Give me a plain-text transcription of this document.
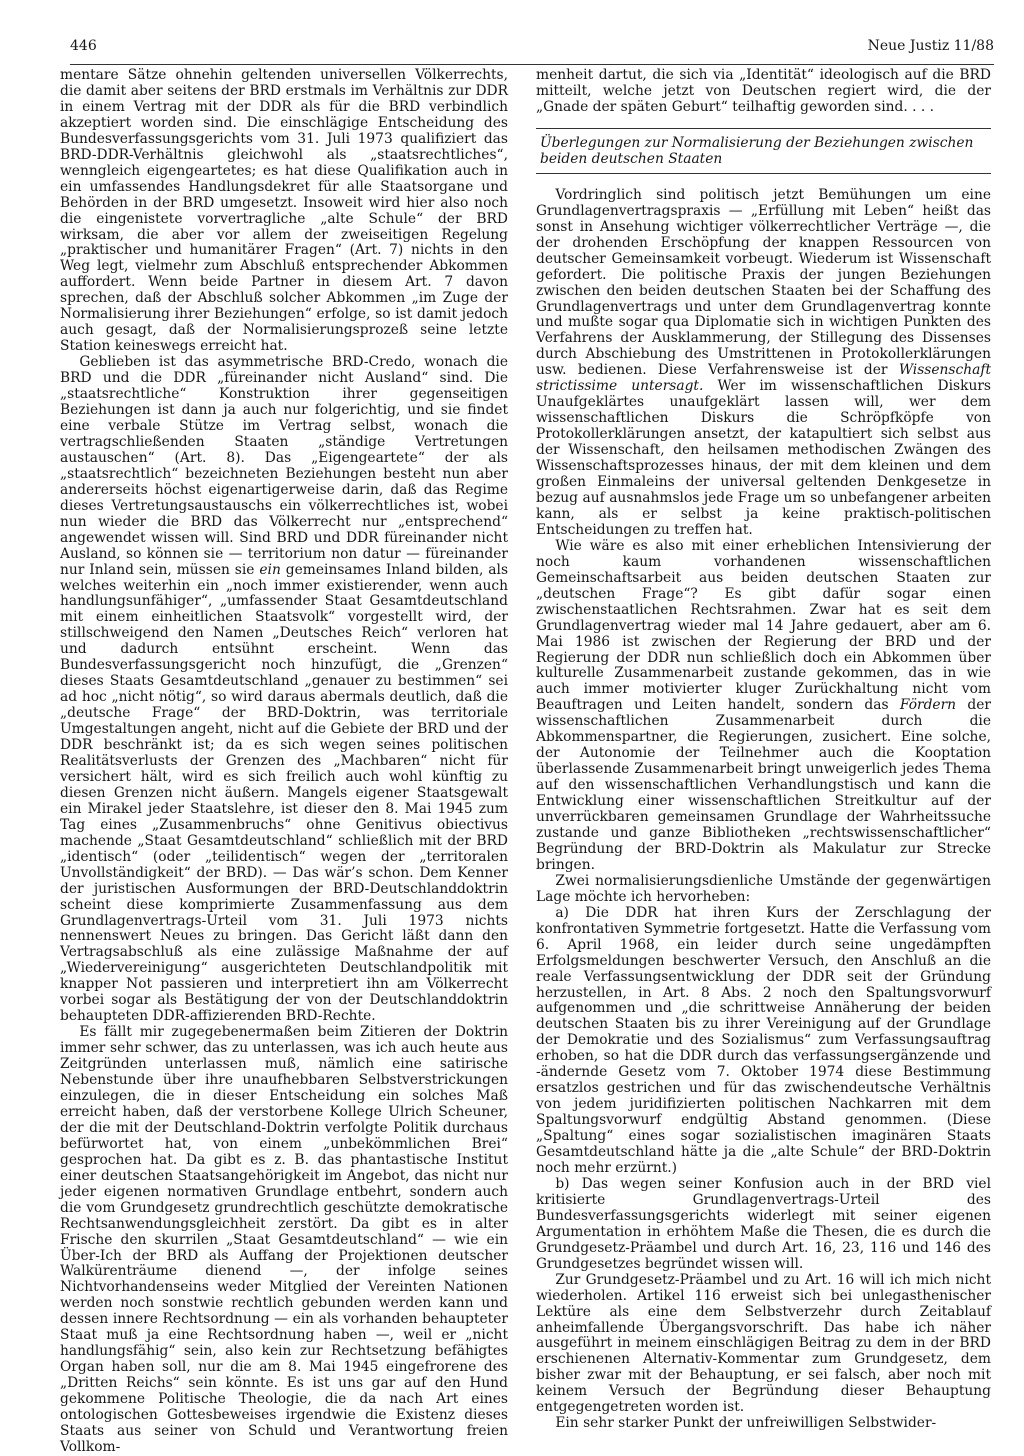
446	Neue Justiz 11/88

mentare Sätze ohnehin geltenden universellen Völkerrechts, die damit aber seitens der BRD erstmals im Verhältnis zur DDR in einem Vertrag mit der DDR als für die BRD verbindlich akzeptiert worden sind. Die einschlägige Entscheidung des Bundesverfassungsgerichts vom 31. Juli 1973 qualifiziert das BRD-DDR-Verhältnis gleichwohl als „staatsrechtliches“, wenngleich eigengeartetes; es hat diese Qualifikation auch in ein umfassendes Handlungsdekret für alle Staatsorgane und Behörden in der BRD umgesetzt. Insoweit wird hier also noch die eingenistete vorvertragliche „alte Schule“ der BRD wirksam, die aber vor allem der zweiseitigen Regelung „praktischer und humanitärer Fragen“ (Art. 7) nichts in den Weg legt, vielmehr zum Abschluß entsprechender Abkommen auffordert. Wenn beide Partner in diesem Art. 7 davon sprechen, daß der Abschluß solcher Abkommen „im Zuge der Normalisierung ihrer Beziehungen“ erfolge, so ist damit jedoch auch gesagt, daß der Normalisierungsprozeß seine letzte Station keineswegs erreicht hat.

Geblieben ist das asymmetrische BRD-Credo, wonach die BRD und die DDR „füreinander nicht Ausland“ sind. Die „staatsrechtliche“ Konstruktion ihrer gegenseitigen Beziehungen ist dann ja auch nur folgerichtig, und sie findet eine verbale Stütze im Vertrag selbst, wonach die vertragschließenden Staaten „ständige Vertretungen austauschen“ (Art. 8). Das „Eigengeartete“ der als „staatsrechtlich“ bezeichneten Beziehungen besteht nun aber andererseits höchst eigenartigerweise darin, daß das Regime dieses Vertretungsaustauschs ein völkerrechtliches ist, wobei nun wieder die BRD das Völkerrecht nur „entsprechend“ angewendet wissen will. Sind BRD und DDR füreinander nicht Ausland, so können sie — territorium non datur — füreinander nur Inland sein, müssen sie ein gemeinsames Inland bilden, als welches weiterhin ein „noch immer existierender, wenn auch handlungsunfähiger“, „umfassender Staat Gesamtdeutschland mit einem einheitlichen Staatsvolk“ vorgestellt wird, der stillschweigend den Namen „Deutsches Reich“ verloren hat und dadurch entsühnt erscheint. Wenn das Bundesverfassungsgericht noch hinzufügt, die „Grenzen“ dieses Staats Gesamtdeutschland „genauer zu bestimmen“ sei ad hoc „nicht nötig“, so wird daraus abermals deutlich, daß die „deutsche Frage“ der BRD-Doktrin, was territoriale Umgestaltungen angeht, nicht auf die Gebiete der BRD und der DDR beschränkt ist; da es sich wegen seines politischen Realitätsverlusts der Grenzen des „Machbaren“ nicht für versichert hält, wird es sich freilich auch wohl künftig zu diesen Grenzen nicht äußern. Mangels eigener Staatsgewalt ein Mirakel jeder Staatslehre, ist dieser den 8. Mai 1945 zum Tag eines „Zusammenbruchs“ ohne Genitivus obiectivus machende „Staat Gesamtdeutschland“ schließlich mit der BRD „identisch“ (oder „teilidentisch“ wegen der „territoralen Unvollständigkeit“ der BRD). — Das wär’s schon. Dem Kenner der juristischen Ausformungen der BRD-Deutschlanddoktrin scheint diese komprimierte Zusammenfassung aus dem Grundlagenvertrags-Urteil vom 31. Juli 1973 nichts nennenswert Neues zu bringen. Das Gericht läßt dann den Vertragsabschluß als eine zulässige Maßnahme der auf „Wiedervereinigung“ ausgerichteten Deutschlandpolitik mit knapper Not passieren und interpretiert ihn am Völkerrecht vorbei sogar als Bestätigung der von der Deutschlanddoktrin behaupteten DDR-affizierenden BRD-Rechte.

Es fällt mir zugegebenermaßen beim Zitieren der Doktrin immer sehr schwer, das zu unterlassen, was ich auch heute aus Zeitgründen unterlassen muß, nämlich eine satirische Nebenstunde über ihre unaufhebbaren Selbstverstrickungen einzulegen, die in dieser Entscheidung ein solches Maß erreicht haben, daß der verstorbene Kollege Ulrich Scheuner, der die mit der Deutschland-Doktrin verfolgte Politik durchaus befürwortet hat, von einem „unbekömmlichen Brei“ gesprochen hat. Da gibt es z. B. das phantastische Institut einer deutschen Staatsangehörigkeit im Angebot, das nicht nur jeder eigenen normativen Grundlage entbehrt, sondern auch die vom Grundgesetz grundrechtlich geschützte demokratische Rechtsanwendungsgleichheit zerstört. Da gibt es in alter Frische den skurrilen „Staat Gesamtdeutschland“ — wie ein Über-Ich der BRD als Auffang der Projektionen deutscher Walkürenträume dienend —, der infolge seines Nichtvorhandenseins weder Mitglied der Vereinten Nationen werden noch sonstwie rechtlich gebunden werden kann und dessen innere Rechtsordnung — ein als vorhanden behaupteter Staat muß ja eine Rechtsordnung haben —, weil er „nicht handlungsfähig“ sein, also kein zur Rechtsetzung befähigtes Organ haben soll, nur die am 8. Mai 1945 eingefrorene des „Dritten Reichs“ sein könnte. Es ist uns gar auf den Hund gekommene Politische Theologie, die da nach Art eines ontologischen Gottesbeweises irgendwie die Existenz dieses Staats aus seiner von Schuld und Verantwortung freien Vollkom-

menheit dartut, die sich via „Identität“ ideologisch auf die BRD mitteilt, welche jetzt von Deutschen regiert wird, die der „Gnade der späten Geburt“ teilhaftig geworden sind. . . .

Überlegungen zur Normalisierung der Beziehungen zwischen beiden deutschen Staaten

Vordringlich sind politisch jetzt Bemühungen um eine Grundlagenvertragspraxis — „Erfüllung mit Leben“ heißt das sonst in Ansehung wichtiger völkerrechtlicher Verträge —, die der drohenden Erschöpfung der knappen Ressourcen von deutscher Gemeinsamkeit vorbeugt. Wiederum ist Wissenschaft gefordert. Die politische Praxis der jungen Beziehungen zwischen den beiden deutschen Staaten bei der Schaffung des Grundlagenvertrags und unter dem Grundlagenvertrag konnte und mußte sogar qua Diplomatie sich in wichtigen Punkten des Verfahrens der Ausklammerung, der Stillegung des Dissenses durch Abschiebung des Umstrittenen in Protokollerklärungen usw. bedienen. Diese Verfahrensweise ist der Wissenschaft strictissime untersagt. Wer im wissenschaftlichen Diskurs Unaufgeklärtes unaufgeklärt lassen will, wer dem wissenschaftlichen Diskurs die Schröpfköpfe von Protokollerklärungen ansetzt, der katapultiert sich selbst aus der Wissenschaft, den heilsamen methodischen Zwängen des Wissenschaftsprozesses hinaus, der mit dem kleinen und dem großen Einmaleins der universal geltenden Denkgesetze in bezug auf ausnahmslos jede Frage um so unbefangener arbeiten kann, als er selbst ja keine praktisch-politischen Entscheidungen zu treffen hat.

Wie wäre es also mit einer erheblichen Intensivierung der noch kaum vorhandenen wissenschaftlichen Gemeinschaftsarbeit aus beiden deutschen Staaten zur „deutschen Frage“? Es gibt dafür sogar einen zwischenstaatlichen Rechtsrahmen. Zwar hat es seit dem Grundlagenvertrag wieder mal 14 Jahre gedauert, aber am 6. Mai 1986 ist zwischen der Regierung der BRD und der Regierung der DDR nun schließlich doch ein Abkommen über kulturelle Zusammenarbeit zustande gekommen, das in wie auch immer motivierter kluger Zurückhaltung nicht vom Beauftragen und Leiten handelt, sondern das Fördern der wissenschaftlichen Zusammenarbeit durch die Abkommenspartner, die Regierungen, zusichert. Eine solche, der Autonomie der Teilnehmer auch die Kooptation überlassende Zusammenarbeit bringt unweigerlich jedes Thema auf den wissenschaftlichen Verhandlungstisch und kann die Entwicklung einer wissenschaftlichen Streitkultur auf der unverrückbaren gemeinsamen Grundlage der Wahrheitssuche zustande und ganze Bibliotheken „rechtswissenschaftlicher“ Begründung der BRD-Doktrin als Makulatur zur Strecke bringen.

Zwei normalisierungsdienliche Umstände der gegenwärtigen Lage möchte ich hervorheben:

a) Die DDR hat ihren Kurs der Zerschlagung der konfrontativen Symmetrie fortgesetzt. Hatte die Verfassung vom 6. April 1968, ein leider durch seine ungedämpften Erfolgsmeldungen beschwerter Versuch, den Anschluß an die reale Verfassungsentwicklung der DDR seit der Gründung herzustellen, in Art. 8 Abs. 2 noch den Spaltungsvorwurf aufgenommen und „die schrittweise Annäherung der beiden deutschen Staaten bis zu ihrer Vereinigung auf der Grundlage der Demokratie und des Sozialismus“ zum Verfassungsauftrag erhoben, so hat die DDR durch das verfassungsergänzende und -ändernde Gesetz vom 7. Oktober 1974 diese Bestimmung ersatzlos gestrichen und für das zwischendeutsche Verhältnis von jedem juridifizierten politischen Nachkarren mit dem Spaltungsvorwurf endgültig Abstand genommen. (Diese „Spaltung“ eines sogar sozialistischen imaginären Staats Gesamtdeutschland hätte ja die „alte Schule“ der BRD-Doktrin noch mehr erzürnt.)

b) Das wegen seiner Konfusion auch in der BRD viel kritisierte Grundlagenvertrags-Urteil des Bundesverfassungsgerichts widerlegt mit seiner eigenen Argumentation in erhöhtem Maße die Thesen, die es durch die Grundgesetz-Präambel und durch Art. 16, 23, 116 und 146 des Grundgesetzes begründet wissen will.

Zur Grundgesetz-Präambel und zu Art. 16 will ich mich nicht wiederholen. Artikel 116 erweist sich bei unlegasthenischer Lektüre als eine dem Selbstverzehr durch Zeitablauf anheimfallende Übergangsvorschrift. Das habe ich näher ausgeführt in meinem einschlägigen Beitrag zu dem in der BRD erschienenen Alternativ-Kommentar zum Grundgesetz, dem bisher zwar mit der Behauptung, er sei falsch, aber noch mit keinem Versuch der Begründung dieser Behauptung entgegengetreten worden ist.

Ein sehr starker Punkt der unfreiwilligen Selbstwider-
